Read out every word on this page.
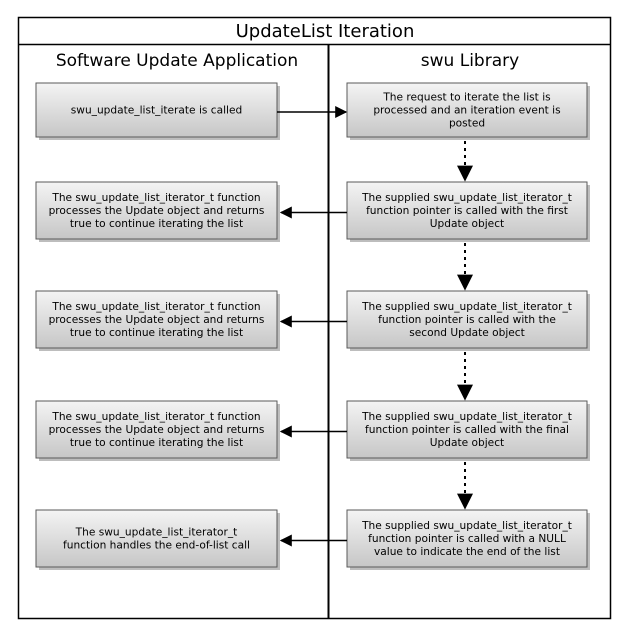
UpdateList Iteration
Software Update Application	swu Library
swu_update_list_iterate is called
The swu_update_list_iterator_t function
processes the Update object and returns
true to continue iterating the list
The swu_update_list_iterator_t function
processes the Update object and returns
true to continue iterating the list
The swu_update_list_iterator_t function
processes the Update object and returns
true to continue iterating the list
The swu_update_list_iterator_t
function handles the end-of-list call
The request to iterate the list is
processed and an iteration event is
posted
The supplied swu_update_list_iterator_t
function pointer is called with the first
Update object
The supplied swu_update_list_iterator_t
function pointer is called with the
second Update object
The supplied swu_update_list_iterator_t
function pointer is called with the final
Update object
The supplied swu_update_list_iterator_t
function pointer is called with a NULL
value to indicate the end of the list
